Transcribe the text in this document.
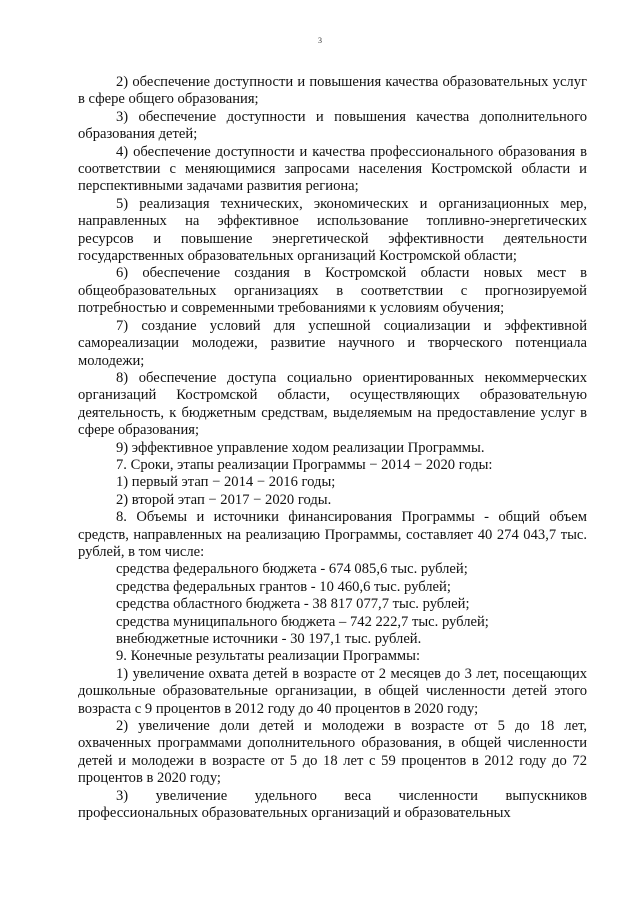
3

2) обеспечение доступности и повышения качества образовательных услуг в сфере общего образования;

3) обеспечение доступности и повышения качества дополнительного образования детей;

4) обеспечение доступности и качества профессионального образования в соответствии с меняющимися запросами населения Костромской области и перспективными задачами развития региона;

5) реализация технических, экономических и организационных мер, направленных на эффективное использование топливно-энергетических ресурсов и повышение энергетической эффективности деятельности государственных образовательных организаций Костромской области;

6) обеспечение создания в Костромской области новых мест в общеобразовательных организациях в соответствии с прогнозируемой потребностью и современными требованиями к условиям обучения;

7) создание условий для успешной социализации и эффективной самореализации молодежи, развитие научного и творческого потенциала молодежи;

8) обеспечение доступа социально ориентированных некоммерческих организаций Костромской области, осуществляющих образовательную деятельность, к бюджетным средствам, выделяемым на предоставление услуг в сфере образования;

9) эффективное управление ходом реализации Программы.

7. Сроки, этапы реализации Программы − 2014 − 2020 годы:

1) первый этап − 2014 − 2016 годы;

2) второй этап − 2017 − 2020 годы.

8. Объемы и источники финансирования Программы - общий объем средств, направленных на реализацию Программы, составляет 40 274 043,7 тыс. рублей, в том числе:

средства федерального бюджета - 674 085,6 тыс. рублей;

средства федеральных грантов - 10 460,6 тыс. рублей;

средства областного бюджета - 38 817 077,7 тыс. рублей;

средства муниципального бюджета – 742 222,7 тыс. рублей;

внебюджетные источники - 30 197,1 тыс. рублей.

9. Конечные результаты реализации Программы:

1) увеличение охвата детей в возрасте от 2 месяцев до 3 лет, посещающих дошкольные образовательные организации, в общей численности детей этого возраста с 9 процентов в 2012 году до 40 процентов в 2020 году;

2) увеличение доли детей и молодежи в возрасте от 5 до 18 лет, охваченных программами дополнительного образования, в общей численности детей и молодежи в возрасте от 5 до 18 лет с 59 процентов в 2012 году до 72 процентов в 2020 году;

3) увеличение удельного веса численности выпускников профессиональных образовательных организаций и образовательных
